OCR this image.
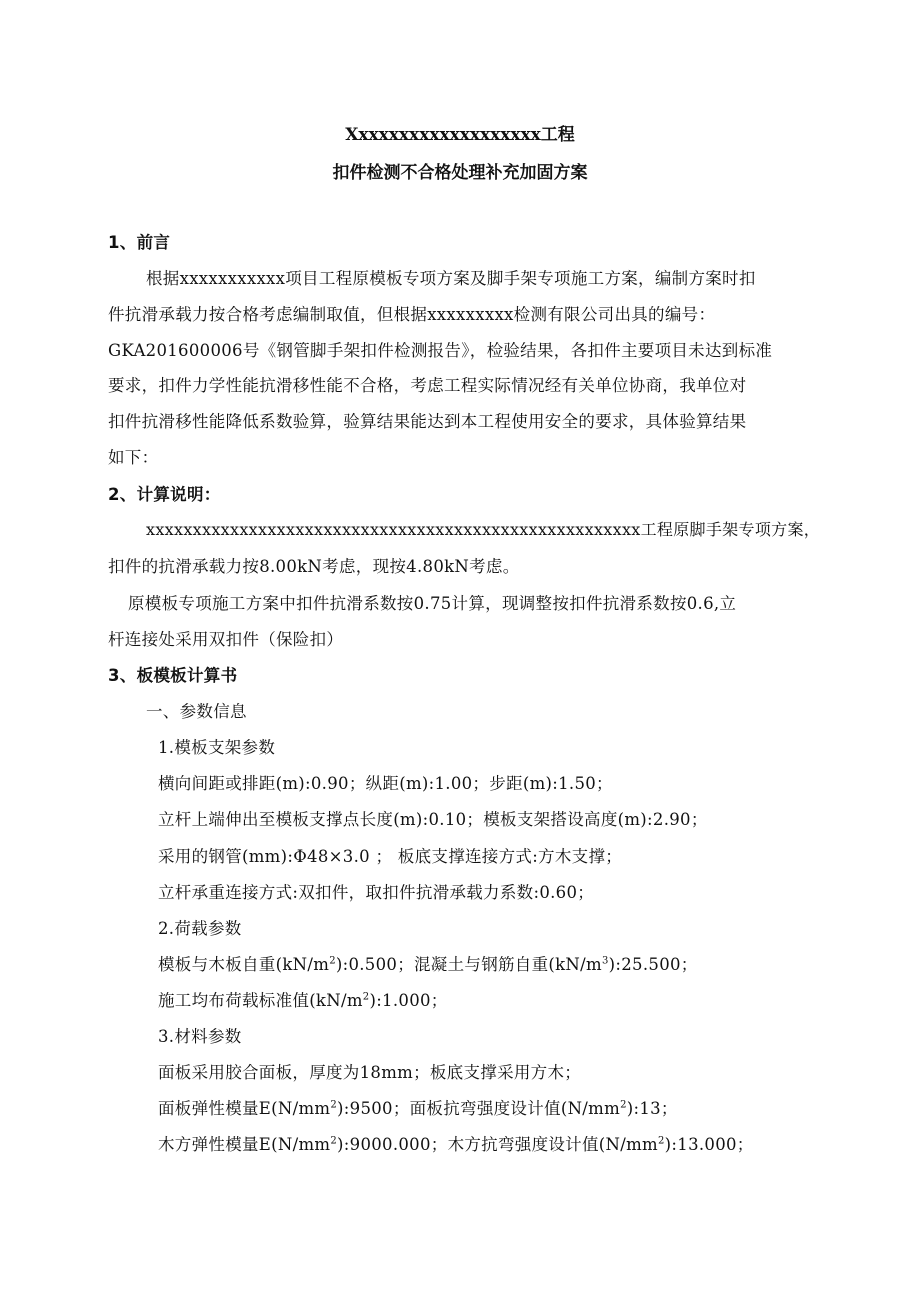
Xxxxxxxxxxxxxxxxxxx工程
扣件检测不合格处理补充加固方案
1、前言
根据xxxxxxxxxxx项目工程原模板专项方案及脚手架专项施工方案，编制方案时扣
件抗滑承载力按合格考虑编制取值，但根据xxxxxxxxx检测有限公司出具的编号：
GKA201600006号《钢管脚手架扣件检测报告》，检验结果，各扣件主要项目未达到标准
要求，扣件力学性能抗滑移性能不合格，考虑工程实际情况经有关单位协商，我单位对
扣件抗滑移性能降低系数验算，验算结果能达到本工程使用安全的要求，具体验算结果
如下：
2、计算说明：
xxxxxxxxxxxxxxxxxxxxxxxxxxxxxxxxxxxxxxxxxxxxxxxxxxxxx工程原脚手架专项方案，
扣件的抗滑承载力按8.00kN考虑，现按4.80kN考虑。
原模板专项施工方案中扣件抗滑系数按0.75计算，现调整按扣件抗滑系数按0.6,立
杆连接处采用双扣件（保险扣）
3、板模板计算书
一、参数信息
1.模板支架参数
横向间距或排距(m):0.90；纵距(m):1.00；步距(m):1.50；
立杆上端伸出至模板支撑点长度(m):0.10；模板支架搭设高度(m):2.90；
采用的钢管(mm):Φ48×3.0 ； 板底支撑连接方式:方木支撑；
立杆承重连接方式:双扣件，取扣件抗滑承载力系数:0.60；
2.荷载参数
模板与木板自重$(kN/m^2):0.500$；混凝土与钢筋自重$(kN/m^3):25.500$；
施工均布荷载标准值$(kN/m^2):1.000$；
3.材料参数
面板采用胶合面板，厚度为18mm；板底支撑采用方木；
面板弹性模量$E(N/mm^2):9500$；面板抗弯强度设计值$(N/mm^2):13$；
木方弹性模量$E(N/mm^2):9000.000$；木方抗弯强度设计值$(N/mm^2):13.000$；
